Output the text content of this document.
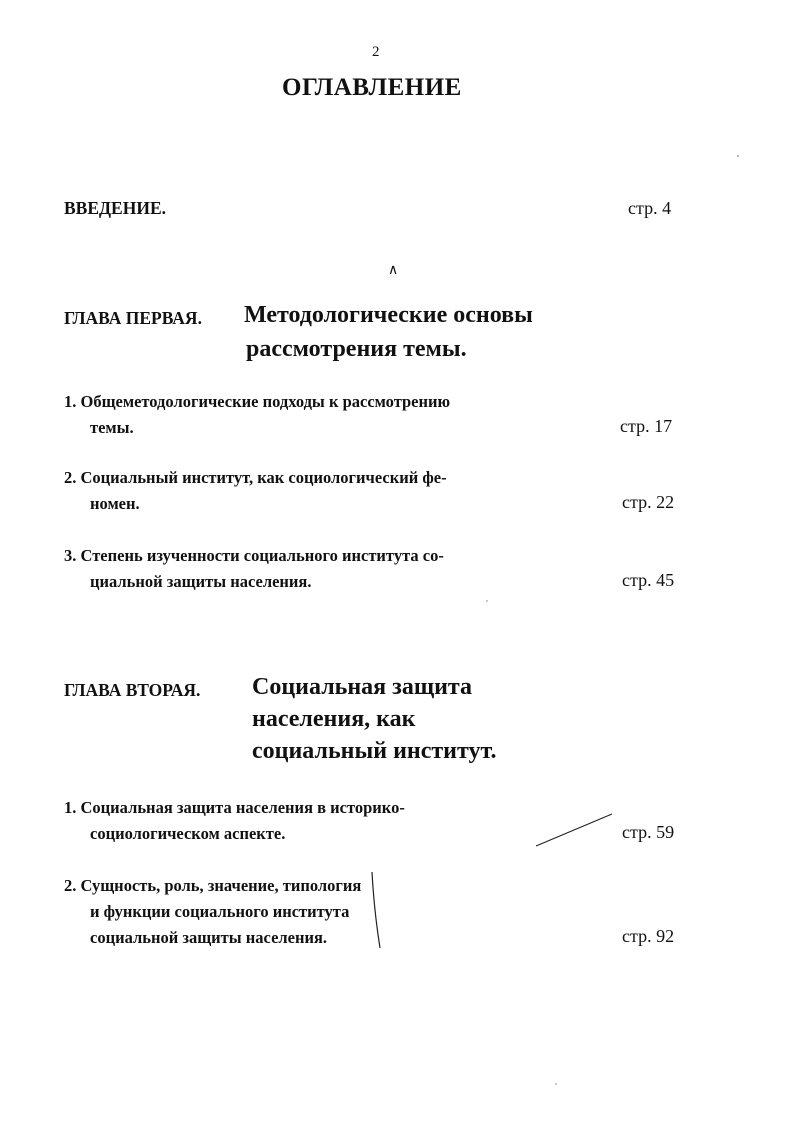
2
ОГЛАВЛЕНИЕ
ВВЕДЕНИЕ.	стр. 4
∧
ГЛАВА ПЕРВАЯ. Методологические основы
рассмотрения темы.
1. Общеметодологические подходы к рассмотрению
темы.	стр. 17
2. Социальный институт, как социологический фе-
номен.	стр. 22
3. Степень изученности социального института со-
циальной защиты населения.	стр. 45
ГЛАВА ВТОРАЯ. Социальная защита
населения, как
социальный институт.
1. Социальная защита населения в историко-
социологическом аспекте.	стр. 59
2. Сущность, роль, значение, типология
и функции социального института
социальной защиты населения.	стр. 92
